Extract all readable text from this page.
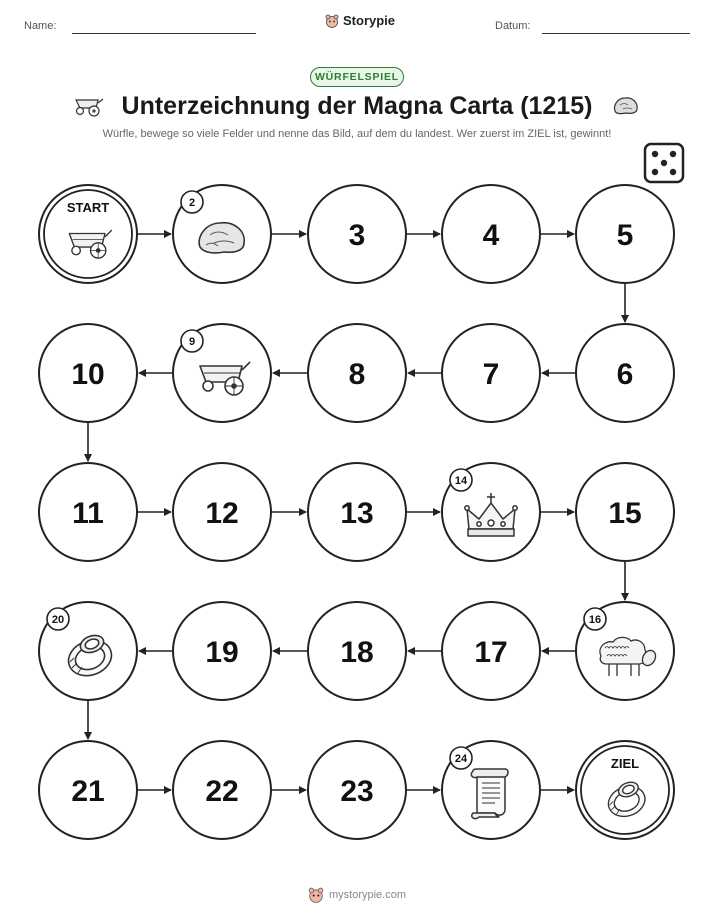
Name:	Storypie	Datum:
WÜRFELSPIEL
Unterzeichnung der Magna Carta (1215)
Würfle, bewege so viele Felder und nenne das Bild, auf dem du landest. Wer zuerst im ZIEL ist, gewinnt!
START	2
3	4	5
6
7
8
9
10
11	12	13
14
15
16
17
18
19
20
21	22	23
24	ZIEL
mystorypie.com
